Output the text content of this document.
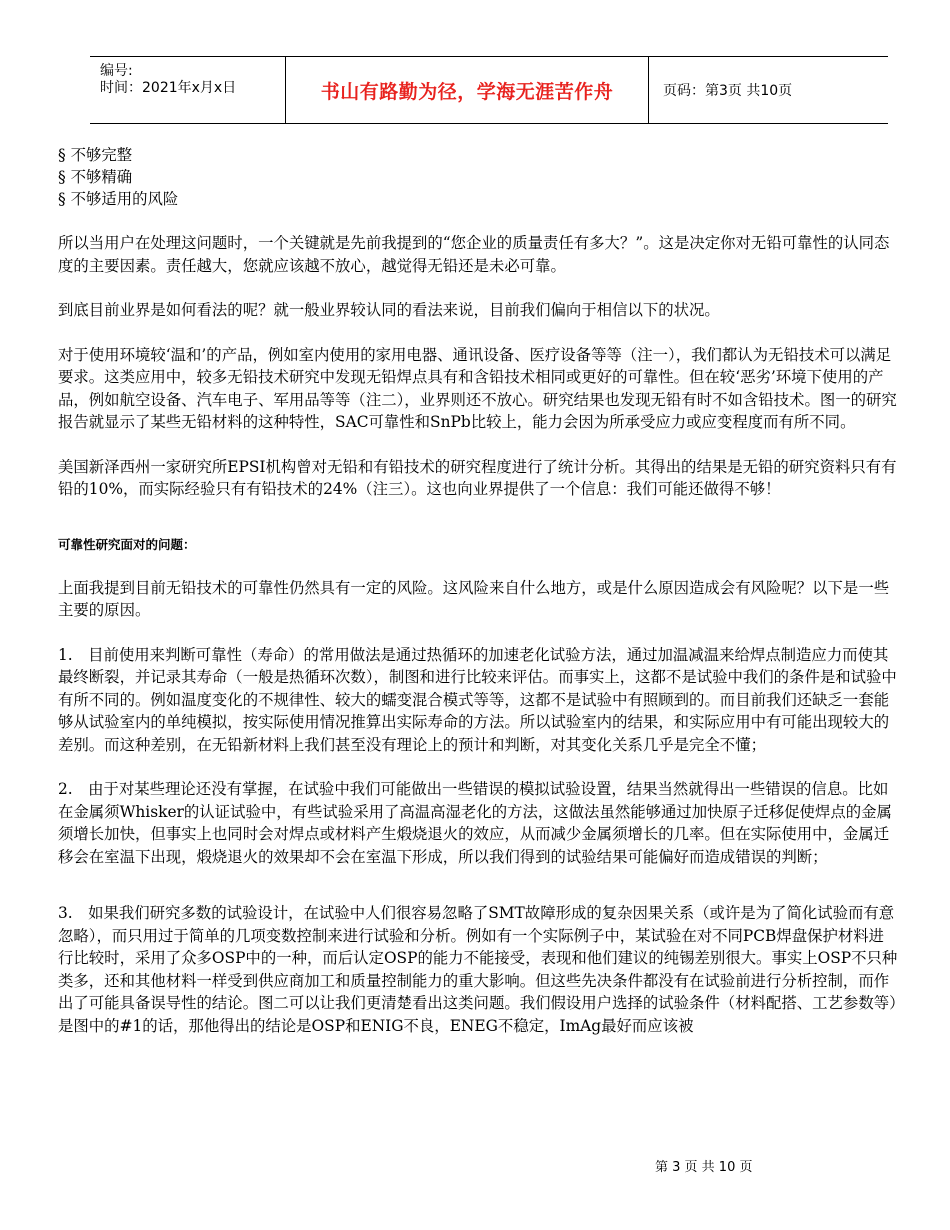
编号:
时间：2021年x月x日	书山有路勤为径，学海无涯苦作舟	页码：第3页 共10页
§ 不够完整
§ 不够精确
§ 不够适用的风险

所以当用户在处理这问题时，一个关键就是先前我提到的“您企业的质量责任有多大？”。这是决定你对无铅可靠性的认同态度的主要因素。责任越大，您就应该越不放心，越觉得无铅还是未必可靠。

到底目前业界是如何看法的呢？就一般业界较认同的看法来说，目前我们偏向于相信以下的状况。

对于使用环境较‘温和’的产品，例如室内使用的家用电器、通讯设备、医疗设备等等（注一），我们都认为无铅技术可以满足要求。这类应用中，较多无铅技术研究中发现无铅焊点具有和含铅技术相同或更好的可靠性。但在较‘恶劣’环境下使用的产品，例如航空设备、汽车电子、军用品等等（注二），业界则还不放心。研究结果也发现无铅有时不如含铅技术。图一的研究报告就显示了某些无铅材料的这种特性，SAC可靠性和SnPb比较上，能力会因为所承受应力或应变程度而有所不同。

美国新泽西州一家研究所EPSI机构曾对无铅和有铅技术的研究程度进行了统计分析。其得出的结果是无铅的研究资料只有有铅的10%，而实际经验只有有铅技术的24%（注三）。这也向业界提供了一个信息：我们可能还做得不够！

可靠性研究面对的问题：

上面我提到目前无铅技术的可靠性仍然具有一定的风险。这风险来自什么地方，或是什么原因造成会有风险呢？以下是一些主要的原因。

1.　目前使用来判断可靠性（寿命）的常用做法是通过热循环的加速老化试验方法，通过加温减温来给焊点制造应力而使其最终断裂，并记录其寿命（一般是热循环次数），制图和进行比较来评估。而事实上，这都不是试验中我们的条件是和试验中有所不同的。例如温度变化的不规律性、较大的蠕变混合模式等等，这都不是试验中有照顾到的。而目前我们还缺乏一套能够从试验室内的单纯模拟，按实际使用情况推算出实际寿命的方法。所以试验室内的结果，和实际应用中有可能出现较大的差别。而这种差别，在无铅新材料上我们甚至没有理论上的预计和判断，对其变化关系几乎是完全不懂；

2.　由于对某些理论还没有掌握，在试验中我们可能做出一些错误的模拟试验设置，结果当然就得出一些错误的信息。比如在金属须Whisker的认证试验中，有些试验采用了高温高湿老化的方法，这做法虽然能够通过加快原子迁移促使焊点的金属须增长加快，但事实上也同时会对焊点或材料产生煅烧退火的效应，从而减少金属须增长的几率。但在实际使用中，金属迁移会在室温下出现，煅烧退火的效果却不会在室温下形成，所以我们得到的试验结果可能偏好而造成错误的判断；

3.　如果我们研究多数的试验设计，在试验中人们很容易忽略了SMT故障形成的复杂因果关系（或许是为了简化试验而有意忽略），而只用过于简单的几项变数控制来进行试验和分析。例如有一个实际例子中，某试验在对不同PCB焊盘保护材料进行比较时，采用了众多OSP中的一种，而后认定OSP的能力不能接受，表现和他们建议的纯锡差别很大。事实上OSP不只种类多，还和其他材料一样受到供应商加工和质量控制能力的重大影响。但这些先决条件都没有在试验前进行分析控制，而作出了可能具备误导性的结论。图二可以让我们更清楚看出这类问题。我们假设用户选择的试验条件（材料配搭、工艺参数等）是图中的#1的话，那他得出的结论是OSP和ENIG不良，ENEG不稳定，ImAg最好而应该被

第 3 页 共 10 页
